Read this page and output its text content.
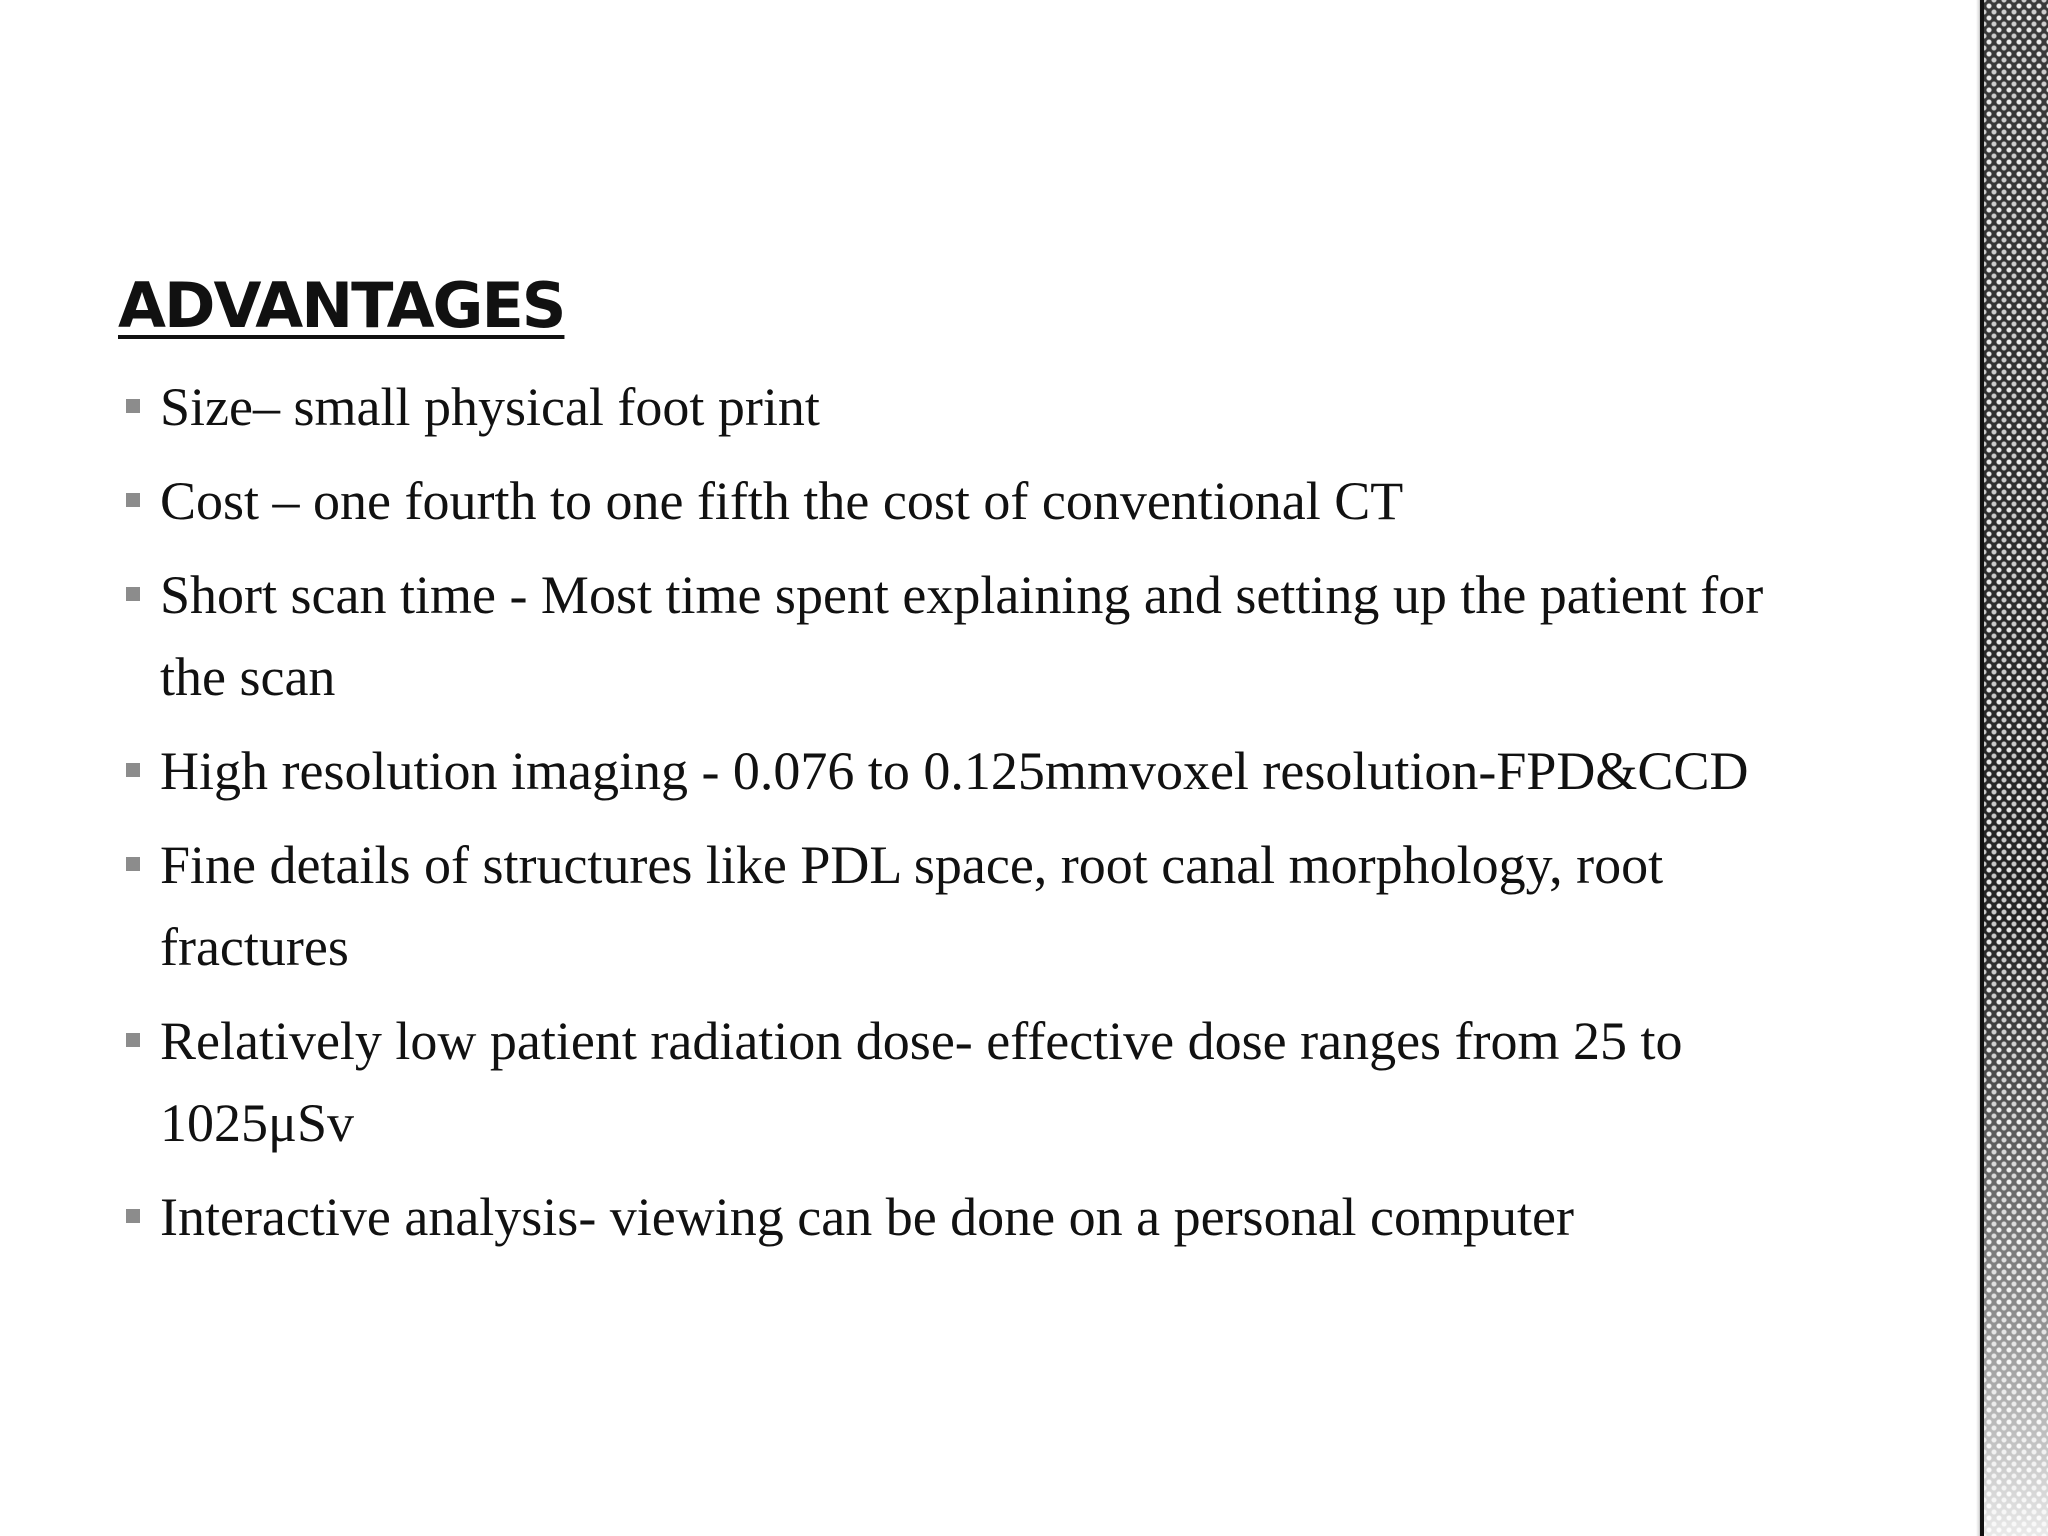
ADVANTAGES
Size– small physical foot print
Cost – one fourth to one fifth the cost of conventional CT
Short scan time - Most time spent explaining and setting up the patient for the scan
High resolution imaging - 0.076 to 0.125mmvoxel resolution-FPD&CCD
Fine details of structures like PDL space, root canal morphology, root fractures
Relatively low patient radiation dose- effective dose ranges from 25 to 1025μSv
Interactive analysis- viewing can be done on a personal computer
